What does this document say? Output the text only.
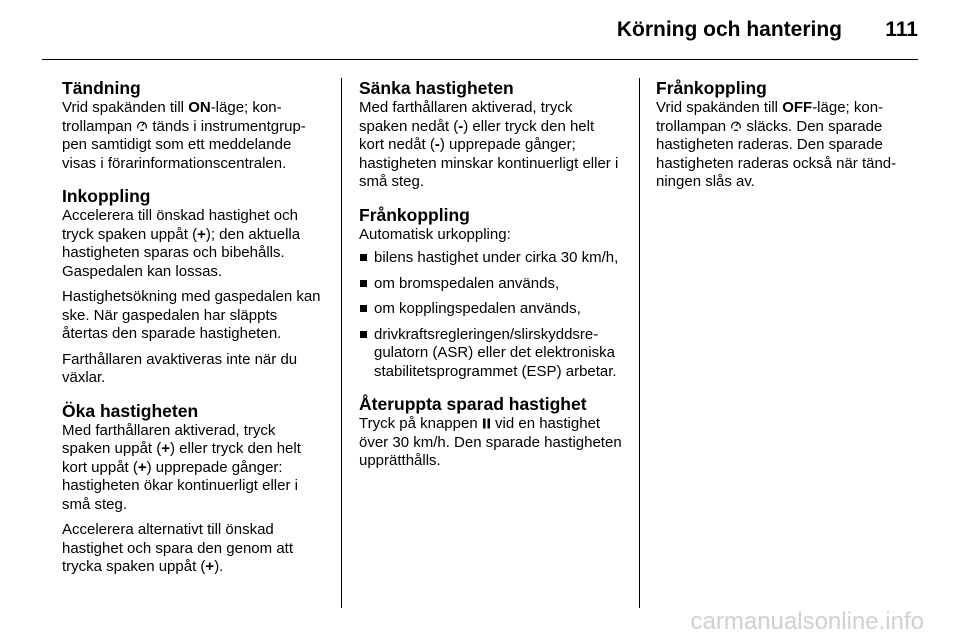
Körning och hantering 111
Tändning

Vrid spakänden till ON-läge; kontrollampan  tänds i instrumentgruppen samtidigt som ett meddelande visas i förarinformationscentralen.

Inkoppling

Accelerera till önskad hastighet och tryck spaken uppåt (+); den aktuella hastigheten sparas och bibehålls. Gaspedalen kan lossas.

Hastighetsökning med gaspedalen kan ske. När gaspedalen har släppts återtas den sparade hastigheten.

Farthållaren avaktiveras inte när du växlar.

Öka hastigheten

Med farthållaren aktiverad, tryck spaken uppåt (+) eller tryck den helt kort uppåt (+) upprepade gånger: hastigheten ökar kontinuerligt eller i små steg.

Accelerera alternativt till önskad hastighet och spara den genom att trycka spaken uppåt (+).

Sänka hastigheten

Med farthållaren aktiverad, tryck spaken nedåt (-) eller tryck den helt kort nedåt (-) upprepade gånger; hastigheten minskar kontinuerligt eller i små steg.

Frånkoppling

Automatisk urkoppling:

bilens hastighet under cirka 30 km/h,
om bromspedalen används,
om kopplingspedalen används,
drivkraftsregleringen/slirskyddsregulatorn (ASR) eller det elektroniska stabilitetsprogrammet (ESP) arbetar.
Återuppta sparad hastighet

Tryck på knappen  vid en hastighet över 30 km/h. Den sparade hastigheten upprätthålls.

Frånkoppling

Vrid spakänden till OFF-läge; kontrollampan  släcks. Den sparade hastigheten raderas. Den sparade hastigheten raderas också när tändningen slås av.

carmanualsonline.info
